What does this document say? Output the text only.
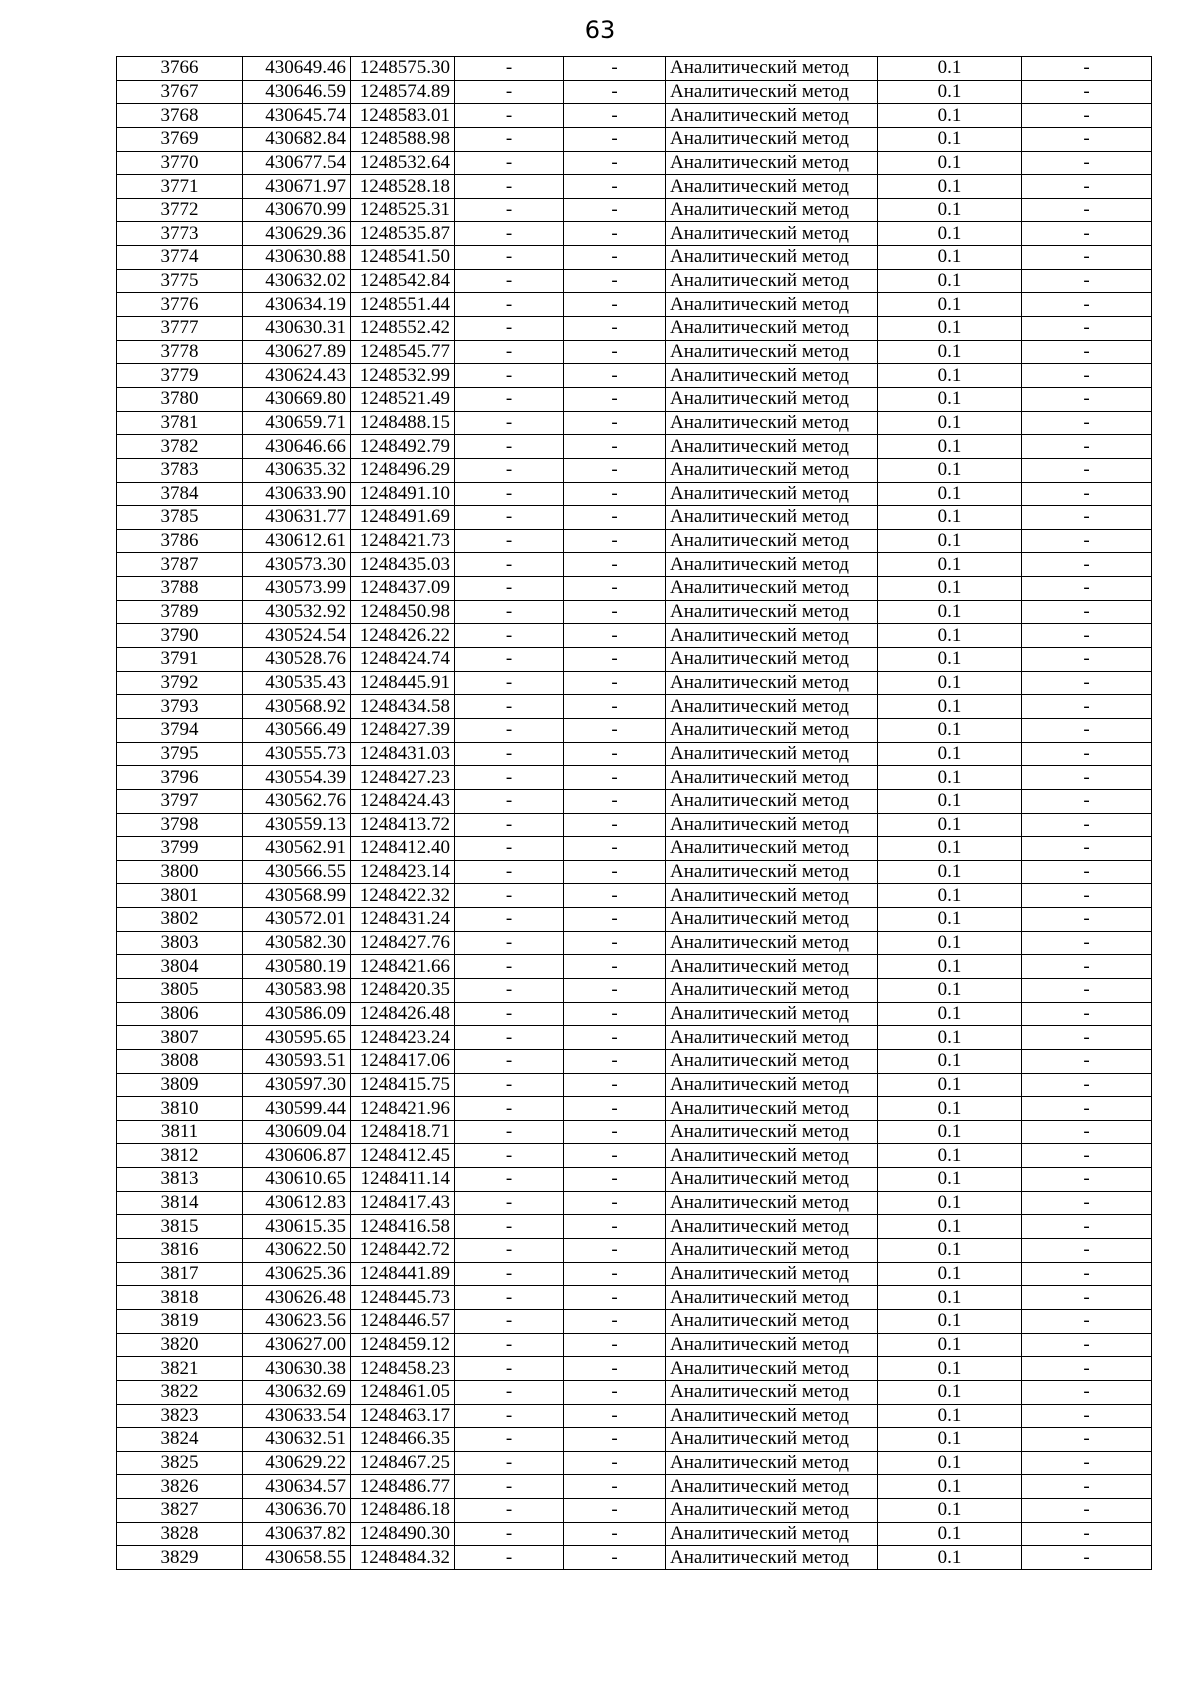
63
3766	430649.46	1248575.30	-	-	Аналитический метод	0.1	-
3767	430646.59	1248574.89	-	-	Аналитический метод	0.1	-
3768	430645.74	1248583.01	-	-	Аналитический метод	0.1	-
3769	430682.84	1248588.98	-	-	Аналитический метод	0.1	-
3770	430677.54	1248532.64	-	-	Аналитический метод	0.1	-
3771	430671.97	1248528.18	-	-	Аналитический метод	0.1	-
3772	430670.99	1248525.31	-	-	Аналитический метод	0.1	-
3773	430629.36	1248535.87	-	-	Аналитический метод	0.1	-
3774	430630.88	1248541.50	-	-	Аналитический метод	0.1	-
3775	430632.02	1248542.84	-	-	Аналитический метод	0.1	-
3776	430634.19	1248551.44	-	-	Аналитический метод	0.1	-
3777	430630.31	1248552.42	-	-	Аналитический метод	0.1	-
3778	430627.89	1248545.77	-	-	Аналитический метод	0.1	-
3779	430624.43	1248532.99	-	-	Аналитический метод	0.1	-
3780	430669.80	1248521.49	-	-	Аналитический метод	0.1	-
3781	430659.71	1248488.15	-	-	Аналитический метод	0.1	-
3782	430646.66	1248492.79	-	-	Аналитический метод	0.1	-
3783	430635.32	1248496.29	-	-	Аналитический метод	0.1	-
3784	430633.90	1248491.10	-	-	Аналитический метод	0.1	-
3785	430631.77	1248491.69	-	-	Аналитический метод	0.1	-
3786	430612.61	1248421.73	-	-	Аналитический метод	0.1	-
3787	430573.30	1248435.03	-	-	Аналитический метод	0.1	-
3788	430573.99	1248437.09	-	-	Аналитический метод	0.1	-
3789	430532.92	1248450.98	-	-	Аналитический метод	0.1	-
3790	430524.54	1248426.22	-	-	Аналитический метод	0.1	-
3791	430528.76	1248424.74	-	-	Аналитический метод	0.1	-
3792	430535.43	1248445.91	-	-	Аналитический метод	0.1	-
3793	430568.92	1248434.58	-	-	Аналитический метод	0.1	-
3794	430566.49	1248427.39	-	-	Аналитический метод	0.1	-
3795	430555.73	1248431.03	-	-	Аналитический метод	0.1	-
3796	430554.39	1248427.23	-	-	Аналитический метод	0.1	-
3797	430562.76	1248424.43	-	-	Аналитический метод	0.1	-
3798	430559.13	1248413.72	-	-	Аналитический метод	0.1	-
3799	430562.91	1248412.40	-	-	Аналитический метод	0.1	-
3800	430566.55	1248423.14	-	-	Аналитический метод	0.1	-
3801	430568.99	1248422.32	-	-	Аналитический метод	0.1	-
3802	430572.01	1248431.24	-	-	Аналитический метод	0.1	-
3803	430582.30	1248427.76	-	-	Аналитический метод	0.1	-
3804	430580.19	1248421.66	-	-	Аналитический метод	0.1	-
3805	430583.98	1248420.35	-	-	Аналитический метод	0.1	-
3806	430586.09	1248426.48	-	-	Аналитический метод	0.1	-
3807	430595.65	1248423.24	-	-	Аналитический метод	0.1	-
3808	430593.51	1248417.06	-	-	Аналитический метод	0.1	-
3809	430597.30	1248415.75	-	-	Аналитический метод	0.1	-
3810	430599.44	1248421.96	-	-	Аналитический метод	0.1	-
3811	430609.04	1248418.71	-	-	Аналитический метод	0.1	-
3812	430606.87	1248412.45	-	-	Аналитический метод	0.1	-
3813	430610.65	1248411.14	-	-	Аналитический метод	0.1	-
3814	430612.83	1248417.43	-	-	Аналитический метод	0.1	-
3815	430615.35	1248416.58	-	-	Аналитический метод	0.1	-
3816	430622.50	1248442.72	-	-	Аналитический метод	0.1	-
3817	430625.36	1248441.89	-	-	Аналитический метод	0.1	-
3818	430626.48	1248445.73	-	-	Аналитический метод	0.1	-
3819	430623.56	1248446.57	-	-	Аналитический метод	0.1	-
3820	430627.00	1248459.12	-	-	Аналитический метод	0.1	-
3821	430630.38	1248458.23	-	-	Аналитический метод	0.1	-
3822	430632.69	1248461.05	-	-	Аналитический метод	0.1	-
3823	430633.54	1248463.17	-	-	Аналитический метод	0.1	-
3824	430632.51	1248466.35	-	-	Аналитический метод	0.1	-
3825	430629.22	1248467.25	-	-	Аналитический метод	0.1	-
3826	430634.57	1248486.77	-	-	Аналитический метод	0.1	-
3827	430636.70	1248486.18	-	-	Аналитический метод	0.1	-
3828	430637.82	1248490.30	-	-	Аналитический метод	0.1	-
3829	430658.55	1248484.32	-	-	Аналитический метод	0.1	-
